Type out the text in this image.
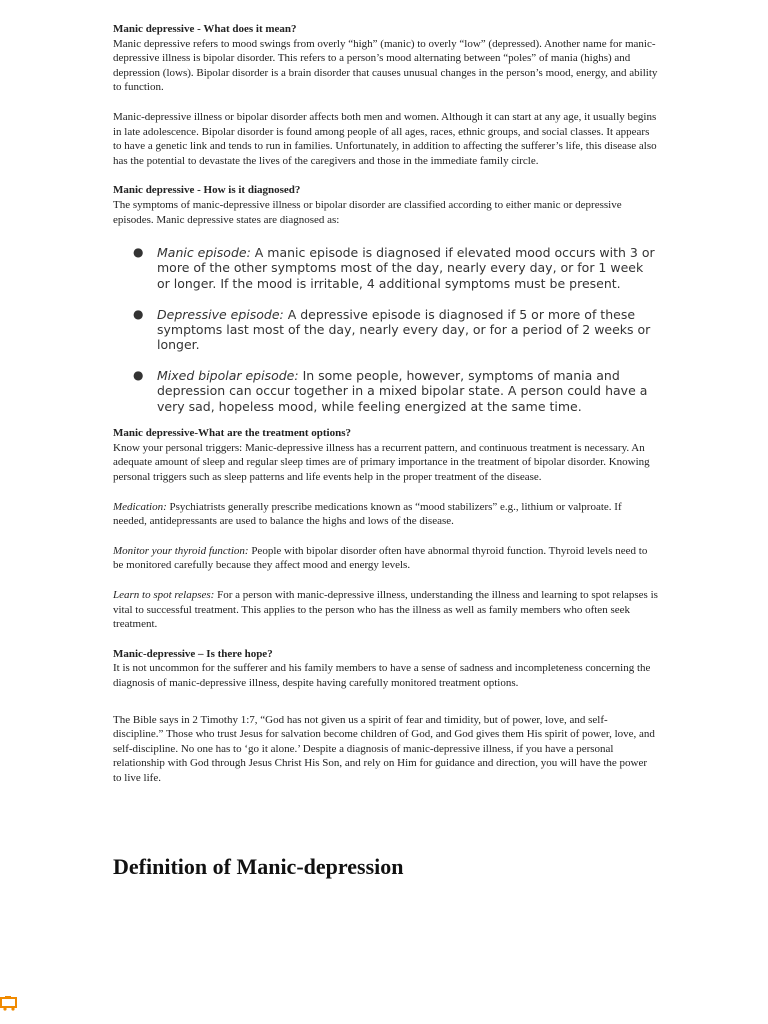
Manic depressive - What does it mean?

Manic depressive refers to mood swings from overly “high” (manic) to overly “low” (depressed). Another name for manic-depressive illness is bipolar disorder. This refers to a person’s mood alternating between “poles” of mania (highs) and depression (lows). Bipolar disorder is a brain disorder that causes unusual changes in the person’s mood, energy, and ability to function.

Manic-depressive illness or bipolar disorder affects both men and women. Although it can start at any age, it usually begins in late adolescence. Bipolar disorder is found among people of all ages, races, ethnic groups, and social classes. It appears to have a genetic link and tends to run in families. Unfortunately, in addition to affecting the sufferer’s life, this disease also has the potential to devastate the lives of the caregivers and those in the immediate family circle.

Manic depressive - How is it diagnosed?

The symptoms of manic-depressive illness or bipolar disorder are classified according to either manic or depressive episodes. Manic depressive states are diagnosed as:

● Manic episode: A manic episode is diagnosed if elevated mood occurs with 3 or more of the other symptoms most of the day, nearly every day, or for 1 week or longer. If the mood is irritable, 4 additional symptoms must be present.
● Depressive episode: A depressive episode is diagnosed if 5 or more of these symptoms last most of the day, nearly every day, or for a period of 2 weeks or longer.
● Mixed bipolar episode: In some people, however, symptoms of mania and depression can occur together in a mixed bipolar state. A person could have a very sad, hopeless mood, while feeling energized at the same time.

Manic depressive-What are the treatment options?

Know your personal triggers: Manic-depressive illness has a recurrent pattern, and continuous treatment is necessary. An adequate amount of sleep and regular sleep times are of primary importance in the treatment of bipolar disorder. Knowing personal triggers such as sleep patterns and life events help in the proper treatment of the disease.

Medication: Psychiatrists generally prescribe medications known as “mood stabilizers” e.g., lithium or valproate. If needed, antidepressants are used to balance the highs and lows of the disease.

Monitor your thyroid function: People with bipolar disorder often have abnormal thyroid function. Thyroid levels need to be monitored carefully because they affect mood and energy levels.

Learn to spot relapses: For a person with manic-depressive illness, understanding the illness and learning to spot relapses is vital to successful treatment. This applies to the person who has the illness as well as family members who often seek treatment.

Manic-depressive – Is there hope?

It is not uncommon for the sufferer and his family members to have a sense of sadness and incompleteness concerning the diagnosis of manic-depressive illness, despite having carefully monitored treatment options.

The Bible says in 2 Timothy 1:7, “God has not given us a spirit of fear and timidity, but of power, love, and self-discipline.” Those who trust Jesus for salvation become children of God, and God gives them His spirit of power, love, and self-discipline. No one has to ‘go it alone.’ Despite a diagnosis of manic-depressive illness, if you have a personal relationship with God through Jesus Christ His Son, and rely on Him for guidance and direction, you will have the power to live life.

Definition of Manic-depression
